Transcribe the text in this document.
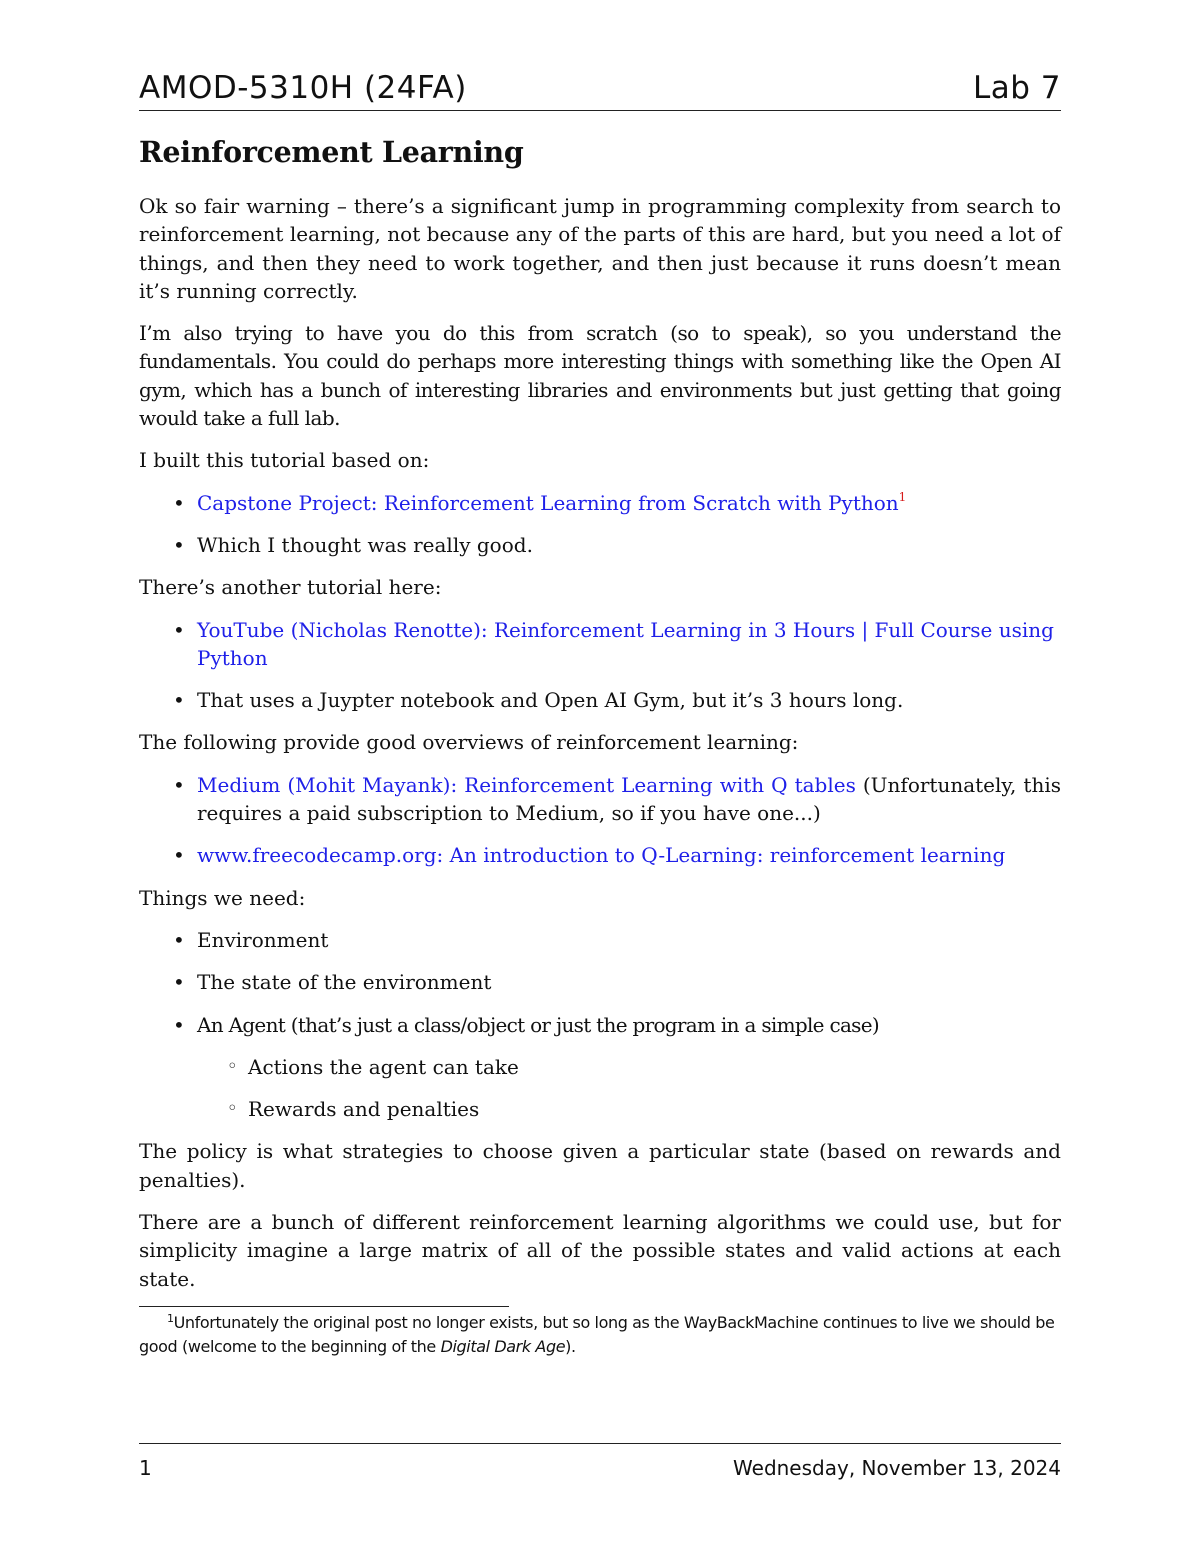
AMOD-5310H (24FA)	Lab 7
Reinforcement Learning

Ok so fair warning – there’s a significant jump in programming complexity from search to reinforcement learning, not because any of the parts of this are hard, but you need a lot of things, and then they need to work together, and then just because it runs doesn’t mean it’s running correctly.

I’m also trying to have you do this from scratch (so to speak), so you understand the fundamentals. You could do perhaps more interesting things with something like the Open AI gym, which has a bunch of interesting libraries and environments but just getting that going would take a full lab.

I built this tutorial based on:

• Capstone Project: Reinforcement Learning from Scratch with Python$^1$
• Which I thought was really good.

There’s another tutorial here:

• YouTube (Nicholas Renotte): Reinforcement Learning in 3 Hours | Full Course using Python
• That uses a Juypter notebook and Open AI Gym, but it’s 3 hours long.

The following provide good overviews of reinforcement learning:

• Medium (Mohit Mayank): Reinforcement Learning with Q tables (Unfortunately, this requires a paid subscription to Medium, so if you have one...)
• www.freecodecamp.org: An introduction to Q-Learning: reinforcement learning

Things we need:

• Environment
• The state of the environment
• An Agent (that’s just a class/object or just the program in a simple case)
◦ Actions the agent can take
◦ Rewards and penalties

The policy is what strategies to choose given a particular state (based on rewards and penalties).

There are a bunch of different reinforcement learning algorithms we could use, but for simplicity imagine a large matrix of all of the possible states and valid actions at each state.

$^1$Unfortunately the original post no longer exists, but so long as the WayBackMachine continues to live we should be good (welcome to the beginning of the Digital Dark Age).
1	Wednesday, November 13, 2024
